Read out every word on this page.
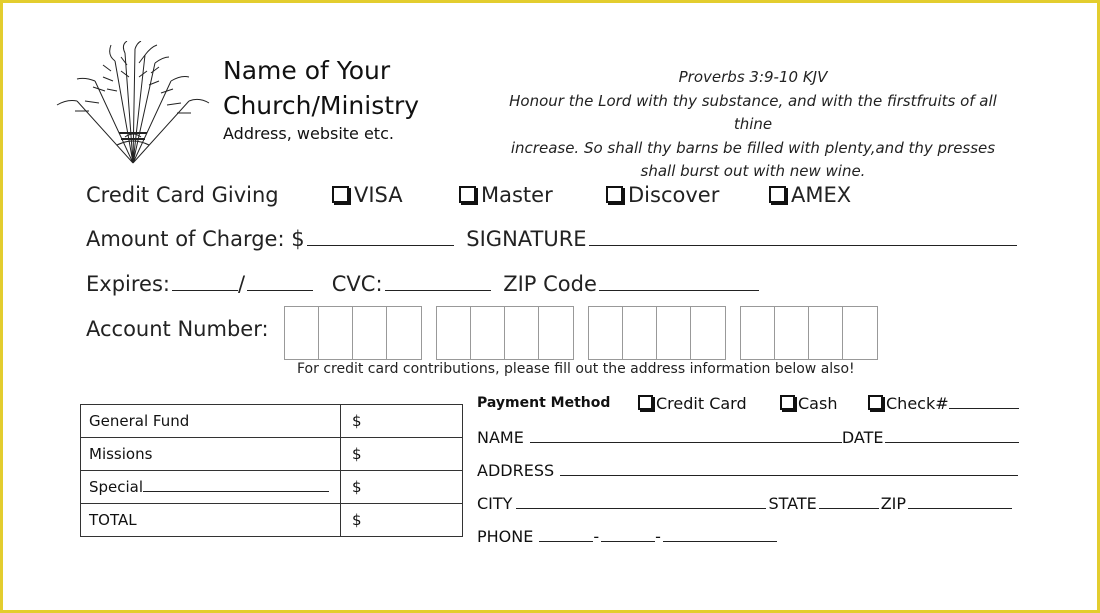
Name of Your
Church/Ministry
Address, website etc.
Proverbs 3:9-10 KJV
Honour the Lord with thy substance, and with the firstfruits of all thine
increase. So shall thy barns be filled with plenty,and thy presses
shall burst out with new wine.
Credit Card Giving	VISA	Master	Discover	AMEX
Amount of Charge: $	SIGNATURE
Expires:	/	CVC:	ZIP Code
Account Number:
For credit card contributions, please fill out the address information below also!
General Fund	$
Missions	$
Special	$
TOTAL	$
Payment Method	Credit Card	Cash	Check#
NAME	DATE
ADDRESS
CITY	STATE	ZIP
PHONE	-	-
